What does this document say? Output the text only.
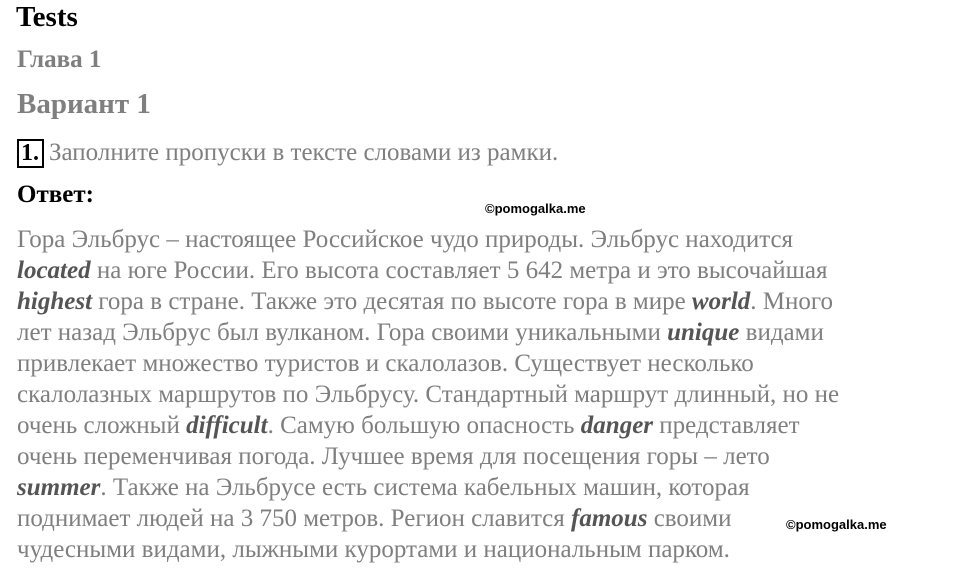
Tests
Глава 1
Вариант 1
1. Заполните пропуски в тексте словами из рамки.
Ответ:
©pomogalka.me
Гора Эльбрус – настоящее Российское чудо природы. Эльбрус находится
located на юге России. Его высота составляет 5 642 метра и это высочайшая
highest гора в стране. Также это десятая по высоте гора в мире world. Много
лет назад Эльбрус был вулканом. Гора своими уникальными unique видами
привлекает множество туристов и скалолазов. Существует несколько
скалолазных маршрутов по Эльбрусу. Стандартный маршрут длинный, но не
очень сложный difficult. Самую большую опасность danger представляет
очень переменчивая погода. Лучшее время для посещения горы – лето
summer. Также на Эльбрусе есть система кабельных машин, которая
поднимает людей на 3 750 метров. Регион славится famous своими
чудесными видами, лыжными курортами и национальным парком.
©pomogalka.me
